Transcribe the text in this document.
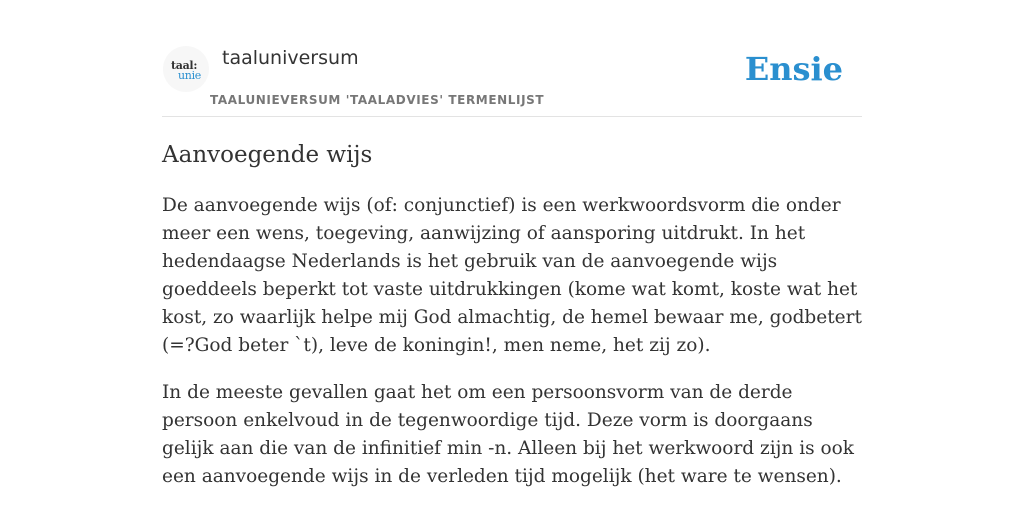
taal:
unie
taaluniversum
TAALUNIEVERSUM 'TAALADVIES' TERMENLIJST
Ensie
Aanvoegende wijs

De aanvoegende wijs (of: conjunctief) is een werkwoordsvorm die onder meer een wens, toegeving, aanwijzing of aansporing uitdrukt. In het hedendaagse Nederlands is het gebruik van de aanvoegende wijs goeddeels beperkt tot vaste uitdrukkingen (kome wat komt, koste wat het kost, zo waarlijk helpe mij God almachtig, de hemel bewaar me, godbetert (=?God beter `t), leve de koningin!, men neme, het zij zo).

In de meeste gevallen gaat het om een persoonsvorm van de derde persoon enkelvoud in de tegenwoordige tijd. Deze vorm is doorgaans gelijk aan die van de infinitief min -n. Alleen bij het werkwoord zijn is ook een aanvoegende wijs in de verleden tijd mogelijk (het ware te wensen).
